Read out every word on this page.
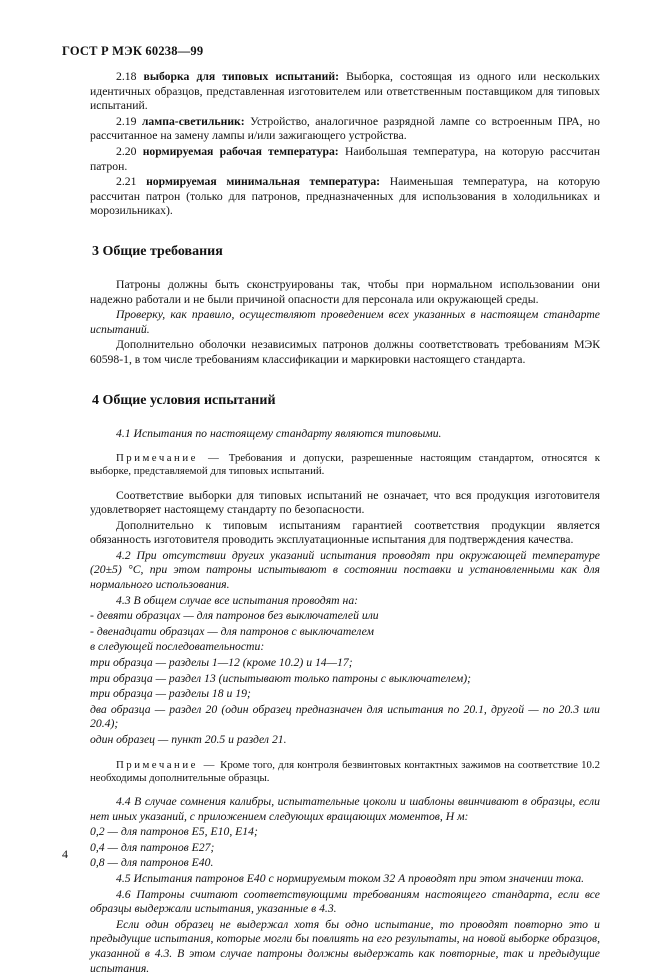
ГОСТ Р МЭК 60238—99

2.18 выборка для типовых испытаний: Выборка, состоящая из одного или нескольких идентичных образцов, представленная изготовителем или ответственным поставщиком для типовых испытаний.

2.19 лампа-светильник: Устройство, аналогичное разрядной лампе со встроенным ПРА, но рассчитанное на замену лампы и/или зажигающего устройства.

2.20 нормируемая рабочая температура: Наибольшая температура, на которую рассчитан патрон.

2.21 нормируемая минимальная температура: Наименьшая температура, на которую рассчитан патрон (только для патронов, предназначенных для использования в холодильниках и морозильниках).

3 Общие требования

Патроны должны быть сконструированы так, чтобы при нормальном использовании они надежно работали и не были причиной опасности для персонала или окружающей среды.

Проверку, как правило, осуществляют проведением всех указанных в настоящем стандарте испытаний.

Дополнительно оболочки независимых патронов должны соответствовать требованиям МЭК 60598-1, в том числе требованиям классификации и маркировки настоящего стандарта.

4 Общие условия испытаний

4.1 Испытания по настоящему стандарту являются типовыми.

Примечание — Требования и допуски, разрешенные настоящим стандартом, относятся к выборке, представляемой для типовых испытаний.

Соответствие выборки для типовых испытаний не означает, что вся продукция изготовителя удовлетворяет настоящему стандарту по безопасности.

Дополнительно к типовым испытаниям гарантией соответствия продукции является обязанность изготовителя проводить эксплуатационные испытания для подтверждения качества.

4.2 При отсутствии других указаний испытания проводят при окружающей температуре (20±5) °С, при этом патроны испытывают в состоянии поставки и установленными как для нормального использования.

4.3 В общем случае все испытания проводят на:

- девяти образцах — для патронов без выключателей или

- двенадцати образцах — для патронов с выключателем

в следующей последовательности:

три образца — разделы 1—12 (кроме 10.2) и 14—17;

три образца — раздел 13 (испытывают только патроны с выключателем);

три образца — разделы 18 и 19;

два образца — раздел 20 (один образец предназначен для испытания по 20.1, другой — по 20.3 или 20.4);

один образец — пункт 20.5 и раздел 21.

Примечание — Кроме того, для контроля безвинтовых контактных зажимов на соответствие 10.2 необходимы дополнительные образцы.

4.4 В случае сомнения калибры, испытательные цоколи и шаблоны ввинчивают в образцы, если нет иных указаний, с приложением следующих вращающих моментов, Н м:

0,2 — для патронов Е5, Е10, Е14;

0,4 — для патронов Е27;

0,8 — для патронов Е40.

4.5 Испытания патронов Е40 с нормируемым током 32 А проводят при этом значении тока.

4.6 Патроны считают соответствующими требованиям настоящего стандарта, если все образцы выдержали испытания, указанные в 4.3.

Если один образец не выдержал хотя бы одно испытание, то проводят повторно это и предыдущие испытания, которые могли бы повлиять на его результаты, на новой выборке образцов, указанной в 4.3. В этом случае патроны должны выдержать как повторные, так и предыдущие испытания.

4
